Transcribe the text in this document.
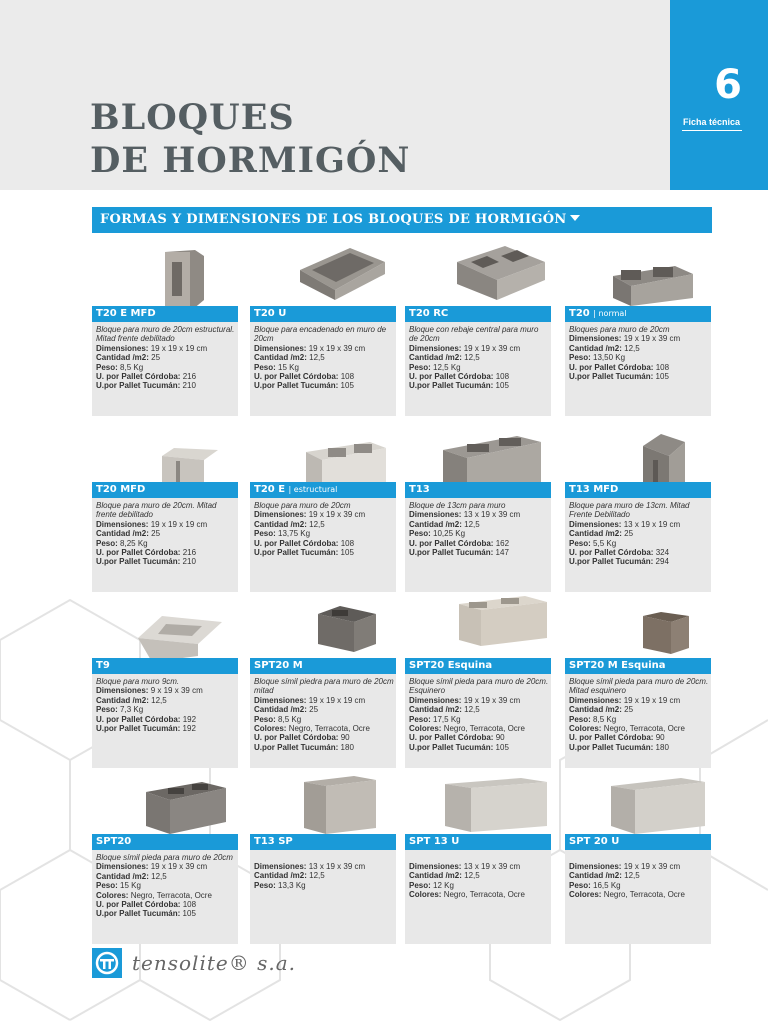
BLOQUES
DE HORMIGÓN
6
Ficha técnica
FORMAS Y DIMENSIONES DE LOS BLOQUES DE HORMIGÓN
T20 E MFD

Bloque para muro de 20cm estructural. Mitad frente debilitado

Dimensiones: 19 x 19 x 19 cm

Cantidad /m2: 25

Peso: 8,5 Kg

U. por Pallet Córdoba: 216

U.por Pallet Tucumán: 210

T20 U

Bloque para encadenado en muro de 20cm

Dimensiones: 19 x 19 x 39 cm

Cantidad /m2: 12,5

Peso: 15 Kg

U. por Pallet Córdoba: 108

U.por Pallet Tucumán: 105

T20 RC

Bloque con rebaje central para muro de 20cm

Dimensiones: 19 x 19 x 39 cm

Cantidad /m2: 12,5

Peso: 12,5 Kg

U. por Pallet Córdoba: 108

U.por Pallet Tucumán: 105

T20 | normal

Bloques para muro de 20cm

Dimensiones: 19 x 19 x 39 cm

Cantidad /m2: 12,5

Peso: 13,50 Kg

U. por Pallet Córdoba: 108

U.por Pallet Tucumán: 105

T20 MFD

Bloque para muro de 20cm. Mitad frente debilitado

Dimensiones: 19 x 19 x 19 cm

Cantidad /m2: 25

Peso: 8,25 Kg

U. por Pallet Córdoba: 216

U.por Pallet Tucumán: 210

T20 E | estructural

Bloque para muro de 20cm

Dimensiones: 19 x 19 x 39 cm

Cantidad /m2: 12,5

Peso: 13,75 Kg

U. por Pallet Córdoba: 108

U.por Pallet Tucumán: 105

T13

Bloque de 13cm para muro

Dimensiones: 13 x 19 x 39 cm

Cantidad /m2: 12,5

Peso: 10,25 Kg

U. por Pallet Córdoba: 162

U.por Pallet Tucumán: 147

T13 MFD

Bloque para muro de 13cm. Mitad Frente Debilitado

Dimensiones: 13 x 19 x 19 cm

Cantidad /m2: 25

Peso: 5,5 Kg

U. por Pallet Córdoba: 324

U.por Pallet Tucumán: 294

T9

Bloque para muro 9cm.

Dimensiones: 9 x 19 x 39 cm

Cantidad /m2: 12,5

Peso: 7,3 Kg

U. por Pallet Córdoba: 192

U.por Pallet Tucumán: 192

SPT20 M

Bloque símil piedra para muro de 20cm mitad

Dimensiones: 19 x 19 x 19 cm

Cantidad /m2: 25

Peso: 8,5 Kg

Colores: Negro, Terracota, Ocre

U. por Pallet Córdoba: 90

U.por Pallet Tucumán: 180

SPT20 Esquina

Bloque símil pieda para muro de 20cm. Esquinero

Dimensiones: 19 x 19 x 39 cm

Cantidad /m2: 12,5

Peso: 17,5 Kg

Colores: Negro, Terracota, Ocre

U. por Pallet Córdoba: 90

U.por Pallet Tucumán: 105

SPT20 M Esquina

Bloque símil pieda para muro de 20cm. Mitad esquinero

Dimensiones: 19 x 19 x 19 cm

Cantidad /m2: 25

Peso: 8,5 Kg

Colores: Negro, Terracota, Ocre

U. por Pallet Córdoba: 90

U.por Pallet Tucumán: 180

SPT20

Bloque símil pieda para muro de 20cm

Dimensiones: 19 x 19 x 39 cm

Cantidad /m2: 12,5

Peso: 15 Kg

Colores: Negro, Terracota, Ocre

U. por Pallet Córdoba: 108

U.por Pallet Tucumán: 105

T13 SP

Dimensiones: 13 x 19 x 39 cm

Cantidad /m2: 12,5

Peso: 13,3 Kg

SPT 13 U

Dimensiones: 13 x 19 x 39 cm

Cantidad /m2: 12,5

Peso: 12 Kg

Colores: Negro, Terracota, Ocre

SPT 20 U

Dimensiones: 19 x 19 x 39 cm

Cantidad /m2: 12,5

Peso: 16,5 Kg

Colores: Negro, Terracota, Ocre

tensolite® s.a.
